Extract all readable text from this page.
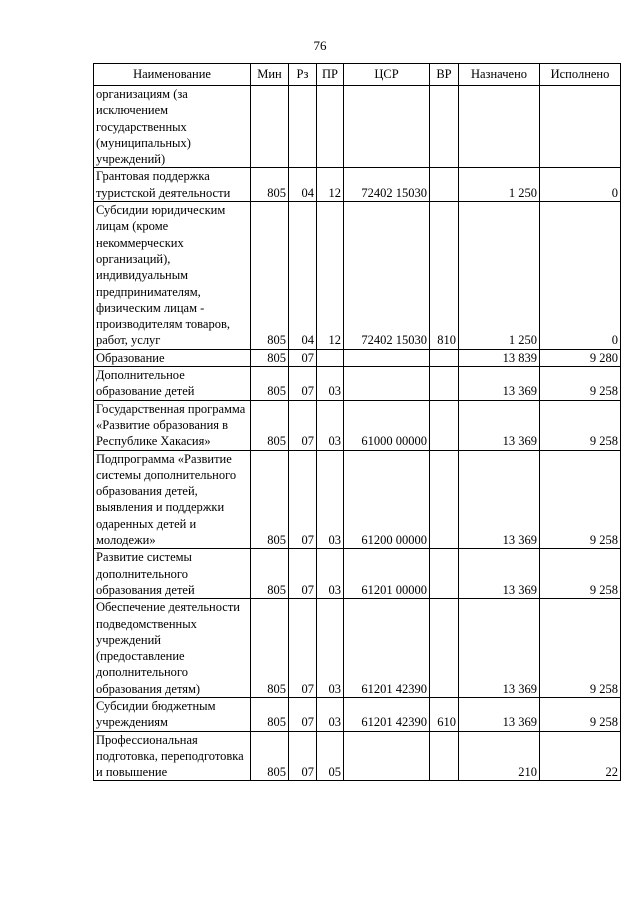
76
Наименование	Мин	Рз	ПР	ЦСР	ВР	Назначено	Исполнено
организациям (за исключением государственных (муниципальных) учреждений)							
Грантовая поддержка туристской деятельности	805	04	12	72402 15030		1 250	0
Субсидии юридическим лицам (кроме некоммерческих организаций), индивидуальным предпринимателям, физическим лицам - производителям товаров, работ, услуг	805	04	12	72402 15030	810	1 250	0
Образование	805	07				13 839	9 280
Дополнительное образование детей	805	07	03			13 369	9 258
Государственная программа «Развитие образования в Республике Хакасия»	805	07	03	61000 00000		13 369	9 258
Подпрограмма «Развитие системы дополнительного образования детей, выявления и поддержки одаренных детей и молодежи»	805	07	03	61200 00000		13 369	9 258
Развитие системы дополнительного образования детей	805	07	03	61201 00000		13 369	9 258
Обеспечение деятельности подведомственных учреждений (предоставление дополнительного образования детям)	805	07	03	61201 42390		13 369	9 258
Субсидии бюджетным учреждениям	805	07	03	61201 42390	610	13 369	9 258
Профессиональная подготовка, переподготовка и повышение	805	07	05			210	22
